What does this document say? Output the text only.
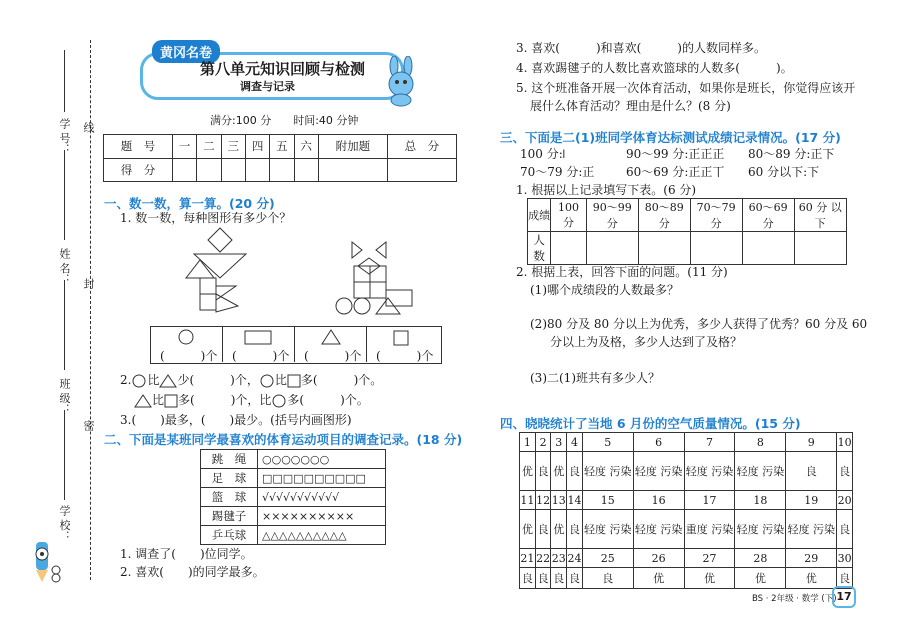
学 号：
姓 名：
班 级：
学 校：
线
封
密
黄冈名卷
第八单元知识回顾与检测
调查与记录
满分:100 分　　时间:40 分钟
题　号	一	二	三	四	五	六	附加题	总　分
得　分								
一、数一数，算一算。(20 分)
1. 数一数，每种图形有多少个？
(　　　)个 (　　　)个 (　　　)个 (　　　)个
2. 比 少(　　　	)个， 比 多(　　　	)个。
比 多(　　　	)个，比 多(　　　	)个。
3.(　　)最多，(　　)最少。(括号内画图形)
二、下面是某班同学最喜欢的体育运动项目的调查记录。(18 分)
跳　绳	○○○○○○○
足　球	□□□□□□□□□□
篮　球	√√√√√√√√√√√
踢毽子	××××××××××
乒乓球	△△△△△△△△△△
1. 调查了(　　)位同学。
2. 喜欢(　　)的同学最多。
3. 喜欢(　　　)和喜欢(　　　)的人数同样多。
4. 喜欢踢毽子的人数比喜欢篮球的人数多(　　　)。
5. 这个班准备开展一次体育活动，如果你是班长，你觉得应该开
展什么体育活动？理由是什么？(8 分)
三、下面是二(1)班同学体育达标测试成绩记录情况。(17 分)
100 分:𝍩	90～99 分:正正正 80～89 分:正下
70～79 分:正	60～69 分:正正丅 60 分以下:下
1. 根据以上记录填写下表。(6 分)
成绩	100 分	90～99 分	80～89 分	70～79 分	60～69 分	60 分 以下
人数						
2. 根据上表，回答下面的问题。(11 分)
(1)哪个成绩段的人数最多？
(2)80 分及 80 分以上为优秀，多少人获得了优秀？60 分及 60
分以上为及格，多少人达到了及格？
(3)二(1)班共有多少人？
四、晓晓统计了当地 6 月份的空气质量情况。(15 分)
1	2	3	4	5	6	7	8	9	10
优	良	优	良	轻度 污染	轻度 污染	轻度 污染	轻度 污染	良	良
11	12	13	14	15	16	17	18	19	20
优	良	优	良	轻度 污染	轻度 污染	重度 污染	轻度 污染	轻度 污染	良
21	22	23	24	25	26	27	28	29	30
良	良	良	良	良	优	优	优	优	良
BS · 2年级 · 数学 (下) 17
